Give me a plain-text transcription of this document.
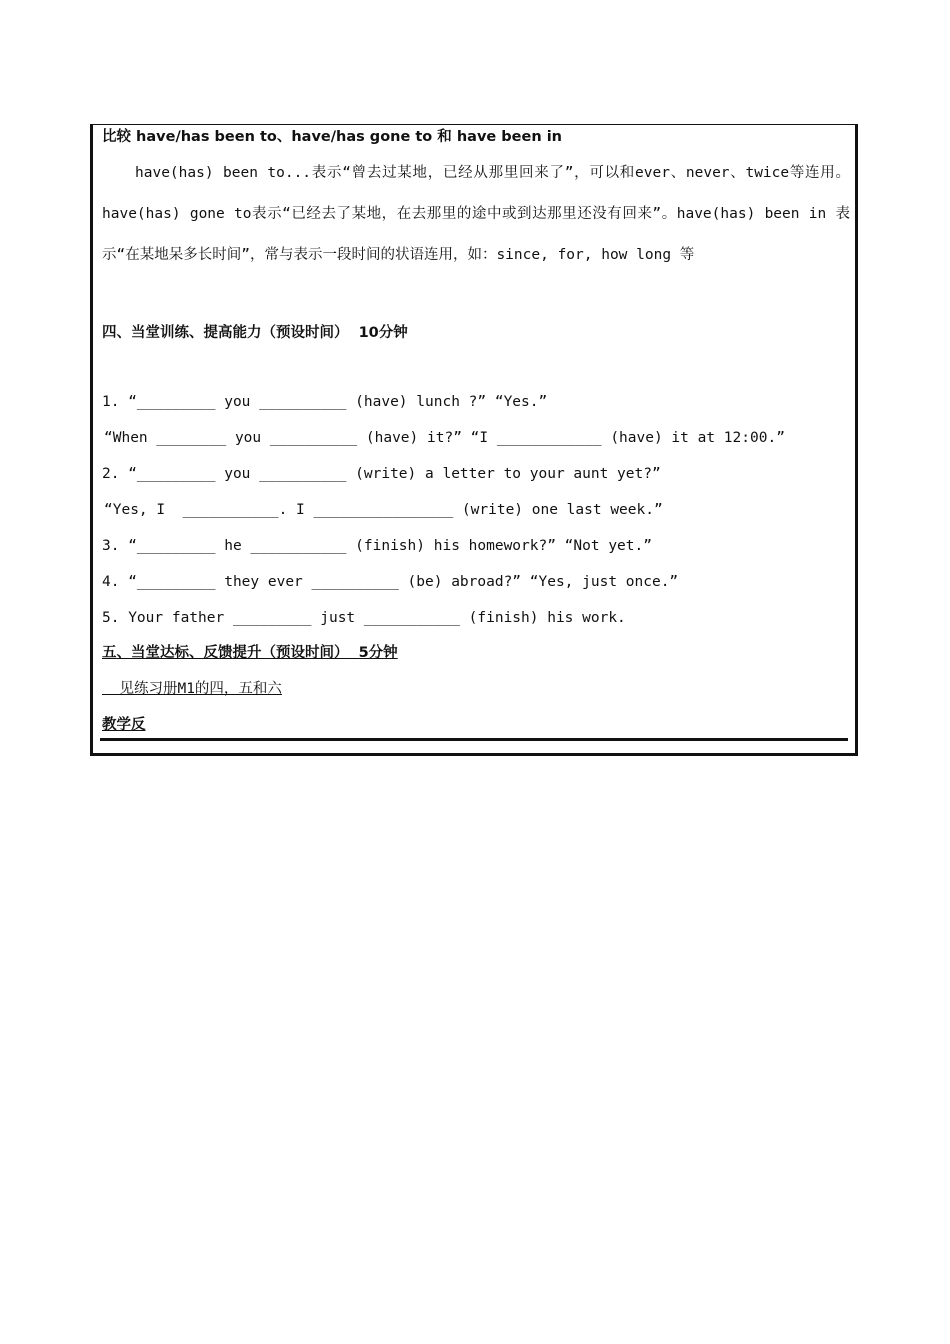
比较 have/has been to、have/has gone to 和 have been in
have(has) been to...表示“曾去过某地，已经从那里回来了”，可以和ever、never、twice等连用。have(has) gone to表示“已经去了某地，在去那里的途中或到达那里还没有回来”。have(has) been in 表示“在某地呆多长时间”，常与表示一段时间的状语连用，如：since, for, how long 等
四、当堂训练、提高能力（预设时间）  10分钟
1. “_________ you __________ (have) lunch ?” “Yes.”
“When ________ you __________ (have) it?” “I ____________ (have) it at 12:00.”
2. “_________ you __________ (write) a letter to your aunt yet?”
“Yes, I  ___________. I ________________ (write) one last week.”
3. “_________ he ___________ (finish) his homework?” “Not yet.”
4. “_________ they ever __________ (be) abroad?” “Yes, just once.”
5. Your father _________ just ___________ (finish) his work.
五、当堂达标、反馈提升（预设时间）  5分钟
见练习册M1的四，五和六
教学反
